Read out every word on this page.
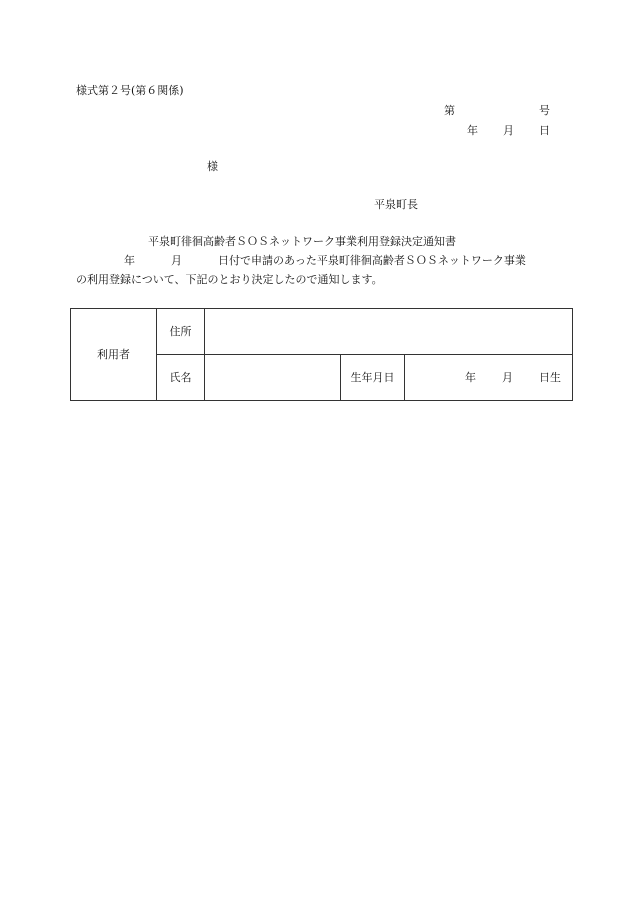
様式第２号(第６関係)
第	号
年 月 日
様
平泉町長
平泉町徘徊高齢者ＳＯＳネットワーク事業利用登録決定通知書
年	月	日付で申請のあった平泉町徘徊高齢者ＳＯＳネットワーク事業
の利用登録について、下記のとおり決定したので通知します。
利用者	住所			
	氏名		生年月日	年 月 日生
